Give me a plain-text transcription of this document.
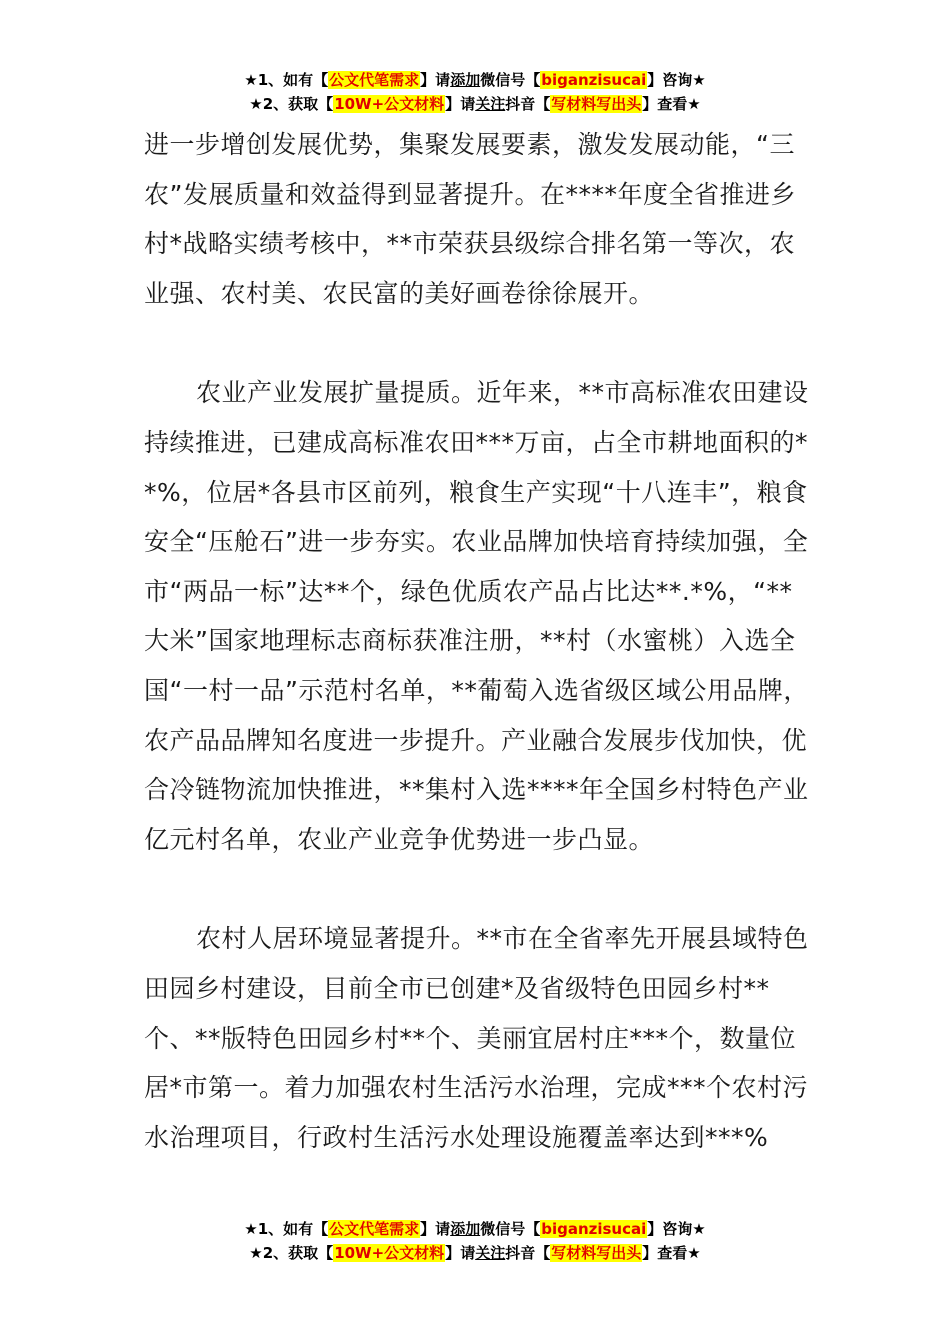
★1、如有【公文代笔需求】请添加微信号【biganzisucai】咨询★
★2、获取【10W+公文材料】请关注抖音【写材料写出头】查看★

进一步增创发展优势，集聚发展要素，激发发展动能，“三农”发展质量和效益得到显著提升。在****年度全省推进乡村*战略实绩考核中，**市荣获县级综合排名第一等次，农业强、农村美、农民富的美好画卷徐徐展开。

农业产业发展扩量提质。近年来，**市高标准农田建设持续推进，已建成高标准农田***万亩，占全市耕地面积的**%，位居*各县市区前列，粮食生产实现“十八连丰”，粮食安全“压舱石”进一步夯实。农业品牌加快培育持续加强，全市“两品一标”达**个，绿色优质农产品占比达**.*%，“**大米”国家地理标志商标获准注册，**村（水蜜桃）入选全国“一村一品”示范村名单，**葡萄入选省级区域公用品牌，农产品品牌知名度进一步提升。产业融合发展步伐加快，优合冷链物流加快推进，**集村入选****年全国乡村特色产业亿元村名单，农业产业竞争优势进一步凸显。

农村人居环境显著提升。**市在全省率先开展县域特色田园乡村建设，目前全市已创建*及省级特色田园乡村**个、**版特色田园乡村**个、美丽宜居村庄***个，数量位居*市第一。着力加强农村生活污水治理，完成***个农村污水治理项目，行政村生活污水处理设施覆盖率达到***%

★1、如有【公文代笔需求】请添加微信号【biganzisucai】咨询★
★2、获取【10W+公文材料】请关注抖音【写材料写出头】查看★
